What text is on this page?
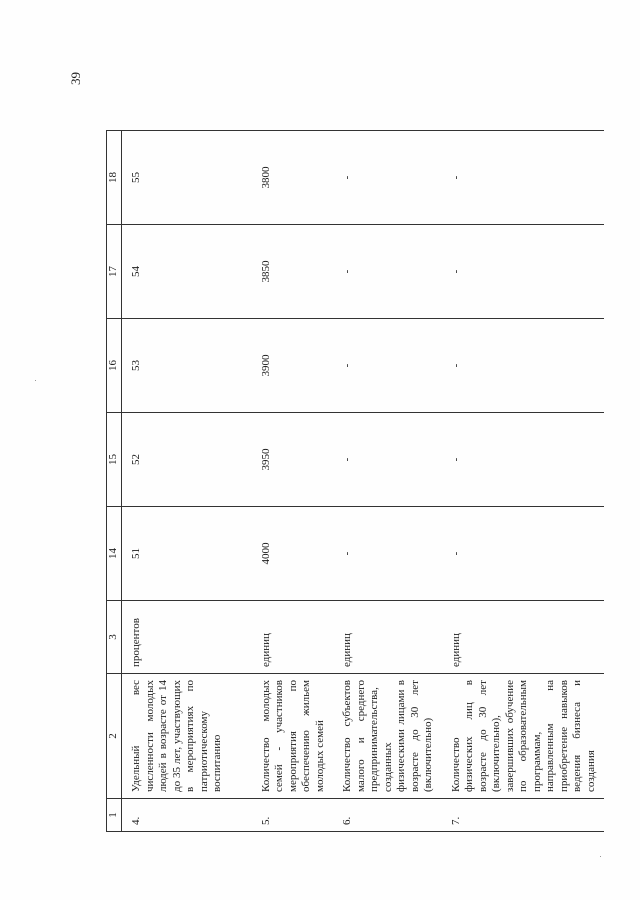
39
1	2	3	14	15	16	17	18
4.	Удельный вес численности молодых людей в возрасте от 14 до 35 лет, участвующих в мероприятиях по патриотическому воспитанию	процентов	51	52	53	54	55
5.	Количество молодых семей - участников мероприятия по обеспечению жильем молодых семей	единиц	4000	3950	3900	3850	3800
6.	Количество субъектов малого и среднего предпринимательства, созданных физическими лицами в возрасте до 30 лет (включительно)	единиц	-	-	-	-	-
7.	Количество физических лиц в возрасте до 30 лет (включительно), завершивших обучение по образовательным программам, направленным на приобретение навыков ведения бизнеса и создания	единиц	-	-	-	-	-
